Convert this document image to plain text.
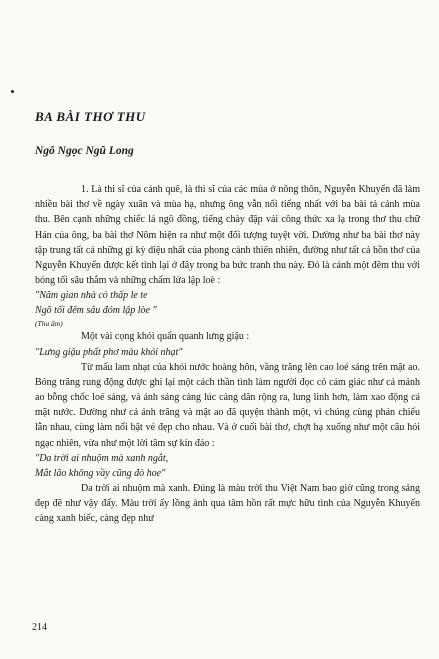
BA BÀI THƠ THU
Ngô Ngọc Ngũ Long

1. Là thi sĩ của cảnh quê, là thi sĩ của các mùa ở nông thôn, Nguyễn Khuyến đã làm nhiều bài thơ về ngày xuân và mùa hạ, nhưng ông vẫn nổi tiếng nhất với ba bài tả cảnh mùa thu. Bên cạnh những chiếc lá ngô đồng, tiếng chày đập vải công thức xa lạ trong thơ thu chữ Hán của ông, ba bài thơ Nôm hiện ra như một đối tượng tuyệt vời. Dường như ba bài thơ này tập trung tất cả những gì kỳ diệu nhất của phong cảnh thiên nhiên, đường như tất cả hồn thơ của Nguyễn Khuyến được kết tinh lại ở đây trong ba bức tranh thu này. Đó là cảnh một đêm thu với bóng tối sâu thẳm và những chấm lửa lập loè :

"Năm gian nhà cỏ thấp le te

Ngõ tối đêm sâu đóm lập lòe "

(Thu ẩm)

Một vài cọng khói quẩn quanh lưng giậu :

"Lưng giậu phất phơ màu khói nhạt"

Từ mấu lam nhạt của khói nước hoàng hôn, vầng trăng lên cao loé sáng trên mặt ao. Bóng trăng rung động được ghi lại một cách thần tình làm người đọc có cảm giác như cả mảnh ao bỗng chốc loé sáng, và ánh sáng càng lúc càng dãn rộng ra, lung linh hơn, làm xao động cả mặt nước. Dường như cả ánh trăng và mặt ao đã quyện thành một, vì chúng cùng phản chiếu lẫn nhau, cùng làm nổi bật vẻ đẹp cho nhau. Và ở cuối bài thơ, chợt hạ xuống như một câu hỏi ngạc nhiên, vừa như một lời tâm sự kín đáo :

"Da trời ai nhuộm mà xanh ngắt,

Mắt lão không vầy cũng đỏ hoe"

Da trời ai nhuộm mà xanh. Đúng là màu trời thu Việt Nam bao giờ cũng trong sáng đẹp đẽ như vậy đấy. Màu trời ấy lồng ảnh qua tâm hồn rất mực hữu tình của Nguyễn Khuyến càng xanh biếc, càng đẹp như

214
